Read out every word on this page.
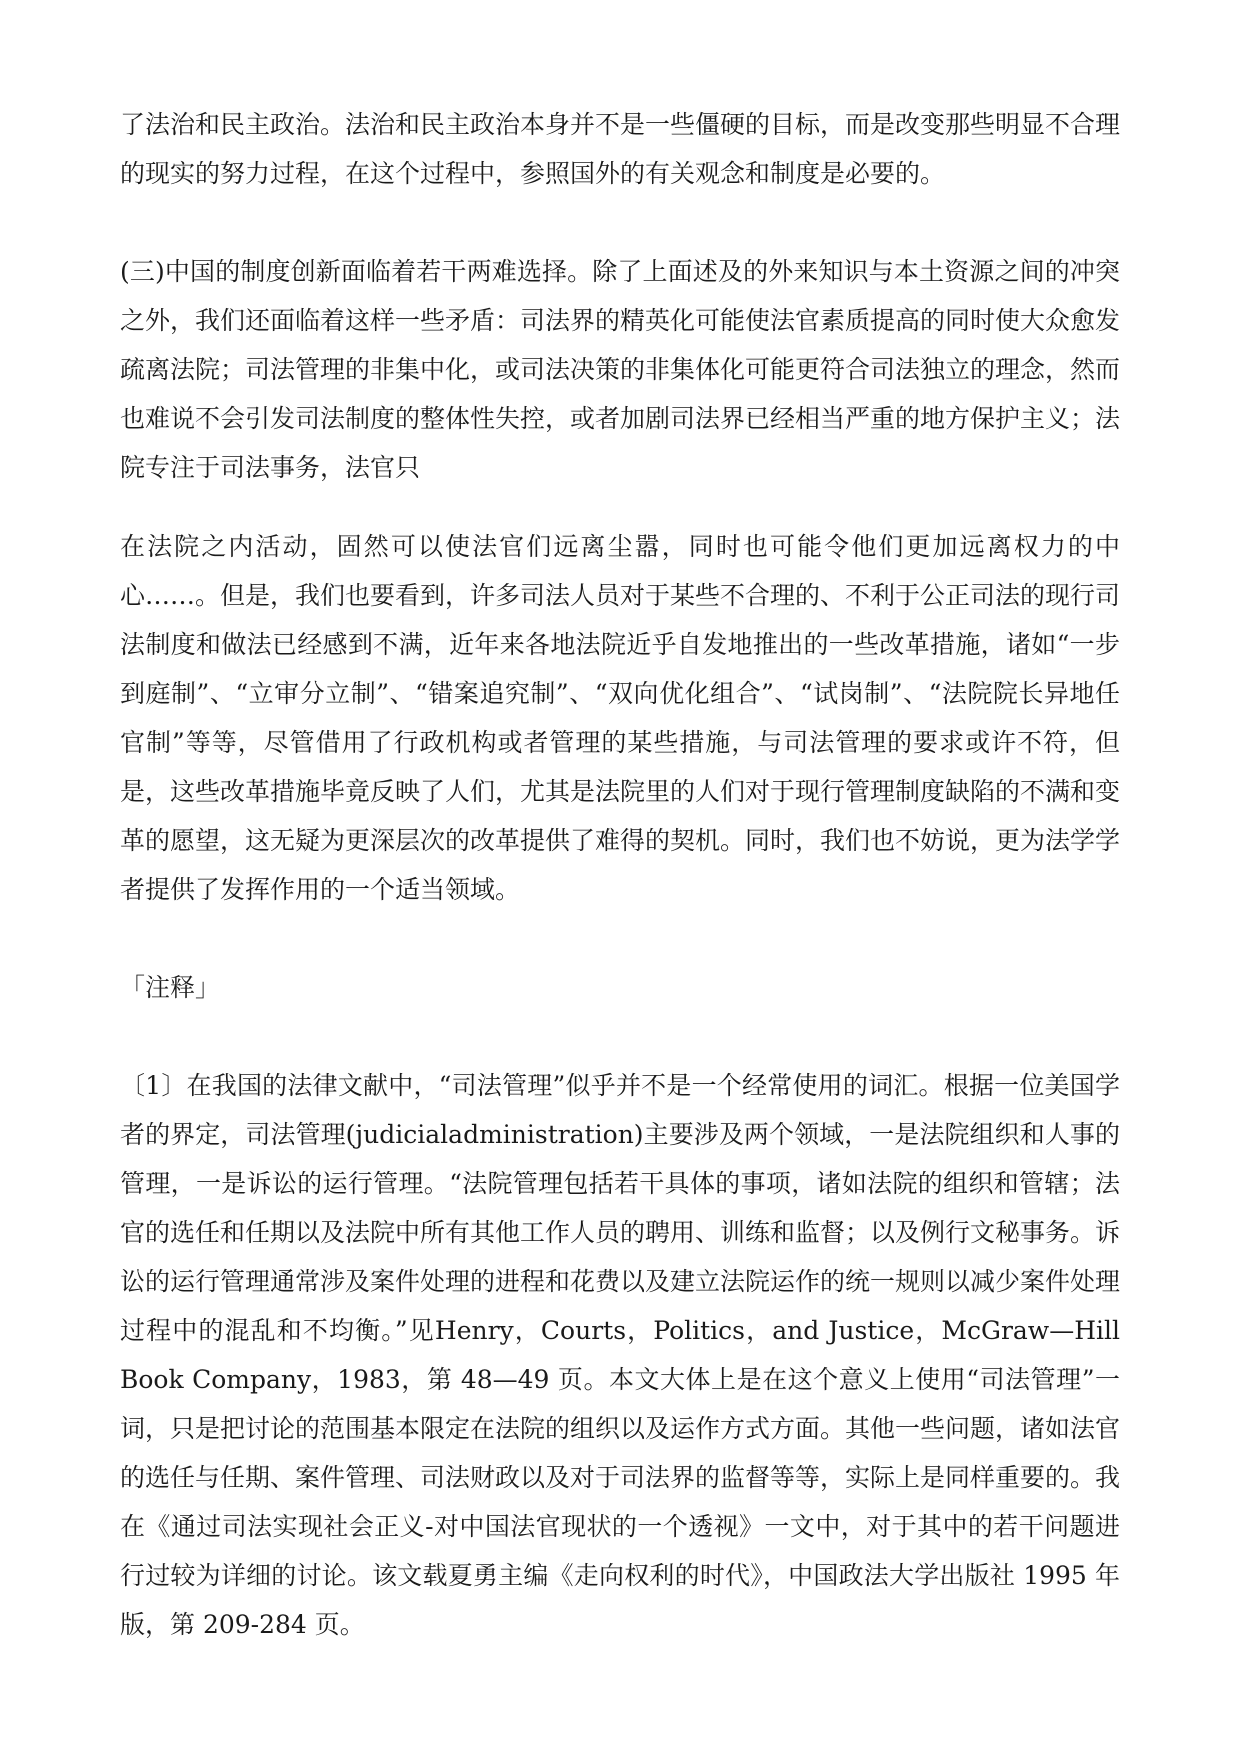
了法治和民主政治。法治和民主政治本身并不是一些僵硬的目标，而是改变那些明显不合理的现实的努力过程，在这个过程中，参照国外的有关观念和制度是必要的。

(三)中国的制度创新面临着若干两难选择。除了上面述及的外来知识与本土资源之间的冲突之外，我们还面临着这样一些矛盾：司法界的精英化可能使法官素质提高的同时使大众愈发疏离法院；司法管理的非集中化，或司法决策的非集体化可能更符合司法独立的理念，然而也难说不会引发司法制度的整体性失控，或者加剧司法界已经相当严重的地方保护主义；法院专注于司法事务，法官只

在法院之内活动，固然可以使法官们远离尘嚣，同时也可能令他们更加远离权力的中心……。但是，我们也要看到，许多司法人员对于某些不合理的、不利于公正司法的现行司法制度和做法已经感到不满，近年来各地法院近乎自发地推出的一些改革措施，诸如“一步到庭制”、“立审分立制”、“错案追究制”、“双向优化组合”、“试岗制”、“法院院长异地任官制”等等，尽管借用了行政机构或者管理的某些措施，与司法管理的要求或许不符，但是，这些改革措施毕竟反映了人们，尤其是法院里的人们对于现行管理制度缺陷的不满和变革的愿望，这无疑为更深层次的改革提供了难得的契机。同时，我们也不妨说，更为法学学者提供了发挥作用的一个适当领域。

「注释」

〔1〕在我国的法律文献中，“司法管理”似乎并不是一个经常使用的词汇。根据一位美国学者的界定，司法管理(judicialadministration)主要涉及两个领域，一是法院组织和人事的管理，一是诉讼的运行管理。“法院管理包括若干具体的事项，诸如法院的组织和管辖；法官的选任和任期以及法院中所有其他工作人员的聘用、训练和监督；以及例行文秘事务。诉讼的运行管理通常涉及案件处理的进程和花费以及建立法院运作的统一规则以减少案件处理过程中的混乱和不均衡。”见Henry，Courts，Politics，and Justice，McGraw—Hill Book Company，1983，第 48—49 页。本文大体上是在这个意义上使用“司法管理”一词，只是把讨论的范围基本限定在法院的组织以及运作方式方面。其他一些问题，诸如法官的选任与任期、案件管理、司法财政以及对于司法界的监督等等，实际上是同样重要的。我在《通过司法实现社会正义-对中国法官现状的一个透视》一文中，对于其中的若干问题进行过较为详细的讨论。该文载夏勇主编《走向权利的时代》，中国政法大学出版社 1995 年版，第 209-284 页。
